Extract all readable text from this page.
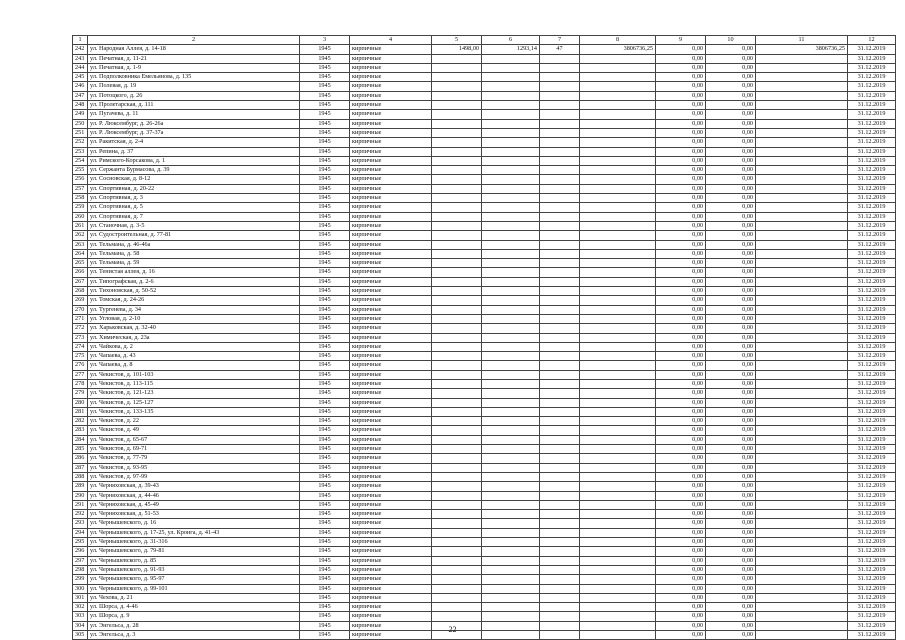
1	2	3	4	5	6	7	8	9	10	11	12
242	ул. Народная Аллея, д. 14-18	1945	кирпичные	1498,00	1293,14	47	3806736,25	0,00	0,00	3806736,25	31.12.2019
243	ул. Печатная, д. 11-21	1945	кирпичные					0,00	0,00		31.12.2019
244	ул. Печатная, д. 1-9	1945	кирпичные					0,00	0,00		31.12.2019
245	ул. Подполковника Емельянова, д. 135	1945	кирпичные					0,00	0,00		31.12.2019
246	ул. Полевая, д. 19	1945	кирпичные					0,00	0,00		31.12.2019
247	ул. Потоцкого, д. 26	1945	кирпичные					0,00	0,00		31.12.2019
248	ул. Пролетарская, д. 111	1945	кирпичные					0,00	0,00		31.12.2019
249	ул. Пугачева, д. 11	1945	кирпичные					0,00	0,00		31.12.2019
250	ул. Р. Люксембург, д. 26-26а	1945	кирпичные					0,00	0,00		31.12.2019
251	ул. Р. Люксембург, д. 37-37а	1945	кирпичные					0,00	0,00		31.12.2019
252	ул. Ракитская, д. 2-4	1945	кирпичные					0,00	0,00		31.12.2019
253	ул. Репина, д. 37	1945	кирпичные					0,00	0,00		31.12.2019
254	ул. Римского-Корсакова, д. 1	1945	кирпичные					0,00	0,00		31.12.2019
255	ул. Сержанта Бурмасова, д. 39	1945	кирпичные					0,00	0,00		31.12.2019
256	ул. Сосновская, д. 8-12	1945	кирпичные					0,00	0,00		31.12.2019
257	ул. Спортивная, д. 20-22	1945	кирпичные					0,00	0,00		31.12.2019
258	ул. Спортивная, д. 3	1945	кирпичные					0,00	0,00		31.12.2019
259	ул. Спортивная, д. 5	1945	кирпичные					0,00	0,00		31.12.2019
260	ул. Спортивная, д. 7	1945	кирпичные					0,00	0,00		31.12.2019
261	ул. Станочная, д. 3-5	1945	кирпичные					0,00	0,00		31.12.2019
262	ул. Судостроительная, д. 77-81	1945	кирпичные					0,00	0,00		31.12.2019
263	ул. Тельмана, д. 46-46а	1945	кирпичные					0,00	0,00		31.12.2019
264	ул. Тельмана, д. 58	1945	кирпичные					0,00	0,00		31.12.2019
265	ул. Тельмана, д. 59	1945	кирпичные					0,00	0,00		31.12.2019
266	ул. Тенистая аллея, д. 16	1945	кирпичные					0,00	0,00		31.12.2019
267	ул. Типографская, д. 2-6	1945	кирпичные					0,00	0,00		31.12.2019
268	ул. Тихоновская, д. 50-52	1945	кирпичные					0,00	0,00		31.12.2019
269	ул. Томская, д. 24-26	1945	кирпичные					0,00	0,00		31.12.2019
270	ул. Тургенева, д. 34	1945	кирпичные					0,00	0,00		31.12.2019
271	ул. Угловая, д. 2-10	1945	кирпичные					0,00	0,00		31.12.2019
272	ул. Харьковская, д. 32-40	1945	кирпичные					0,00	0,00		31.12.2019
273	ул. Химическая, д. 23а	1945	кирпичные					0,00	0,00		31.12.2019
274	ул. Чайкова, д. 2	1945	кирпичные					0,00	0,00		31.12.2019
275	ул. Чапаева, д. 43	1945	кирпичные					0,00	0,00		31.12.2019
276	ул. Чапаева, д. 8	1945	кирпичные					0,00	0,00		31.12.2019
277	ул. Чекистов, д. 101-103	1945	кирпичные					0,00	0,00		31.12.2019
278	ул. Чекистов, д. 113-115	1945	кирпичные					0,00	0,00		31.12.2019
279	ул. Чекистов, д. 121-123	1945	кирпичные					0,00	0,00		31.12.2019
280	ул. Чекистов, д. 125-127	1945	кирпичные					0,00	0,00		31.12.2019
281	ул. Чекистов, д. 133-135	1945	кирпичные					0,00	0,00		31.12.2019
282	ул. Чекистов, д. 22	1945	кирпичные					0,00	0,00		31.12.2019
283	ул. Чекистов, д. 49	1945	кирпичные					0,00	0,00		31.12.2019
284	ул. Чекистов, д. 65-67	1945	кирпичные					0,00	0,00		31.12.2019
285	ул. Чекистов, д. 69-71	1945	кирпичные					0,00	0,00		31.12.2019
286	ул. Чекистов, д. 77-79	1945	кирпичные					0,00	0,00		31.12.2019
287	ул. Чекистов, д. 93-95	1945	кирпичные					0,00	0,00		31.12.2019
288	ул. Чекистов, д. 97-99	1945	кирпичные					0,00	0,00		31.12.2019
289	ул. Черняховская, д. 39-43	1945	кирпичные					0,00	0,00		31.12.2019
290	ул. Черняховская, д. 44-46	1945	кирпичные					0,00	0,00		31.12.2019
291	ул. Черняховская, д. 45-49	1945	кирпичные					0,00	0,00		31.12.2019
292	ул. Черняховская, д. 51-53	1945	кирпичные					0,00	0,00		31.12.2019
293	ул. Чернышевского, д. 16	1945	кирпичные					0,00	0,00		31.12.2019
294	ул. Чернышевского, д. 17-25, ул. Кронга, д. 41-43	1945	кирпичные					0,00	0,00		31.12.2019
295	ул. Чернышевского, д. 31-316	1945	кирпичные					0,00	0,00		31.12.2019
296	ул. Чернышевского, д. 79-81	1945	кирпичные					0,00	0,00		31.12.2019
297	ул. Чернышевского, д. 85	1945	кирпичные					0,00	0,00		31.12.2019
298	ул. Чернышевского, д. 91-93	1945	кирпичные					0,00	0,00		31.12.2019
299	ул. Чернышевского, д. 95-97	1945	кирпичные					0,00	0,00		31.12.2019
300	ул. Чернышевского, д. 99-101	1945	кирпичные					0,00	0,00		31.12.2019
301	ул. Чехова, д. 21	1945	кирпичные					0,00	0,00		31.12.2019
302	ул. Шорса, д. 4-46	1945	кирпичные					0,00	0,00		31.12.2019
303	ул. Шорса, д. 9	1945	кирпичные					0,00	0,00		31.12.2019
304	ул. Энгельса, д. 28	1945	кирпичные					0,00	0,00		31.12.2019
305	ул. Энгельса, д. 3	1945	кирпичные					0,00	0,00		31.12.2019
22
